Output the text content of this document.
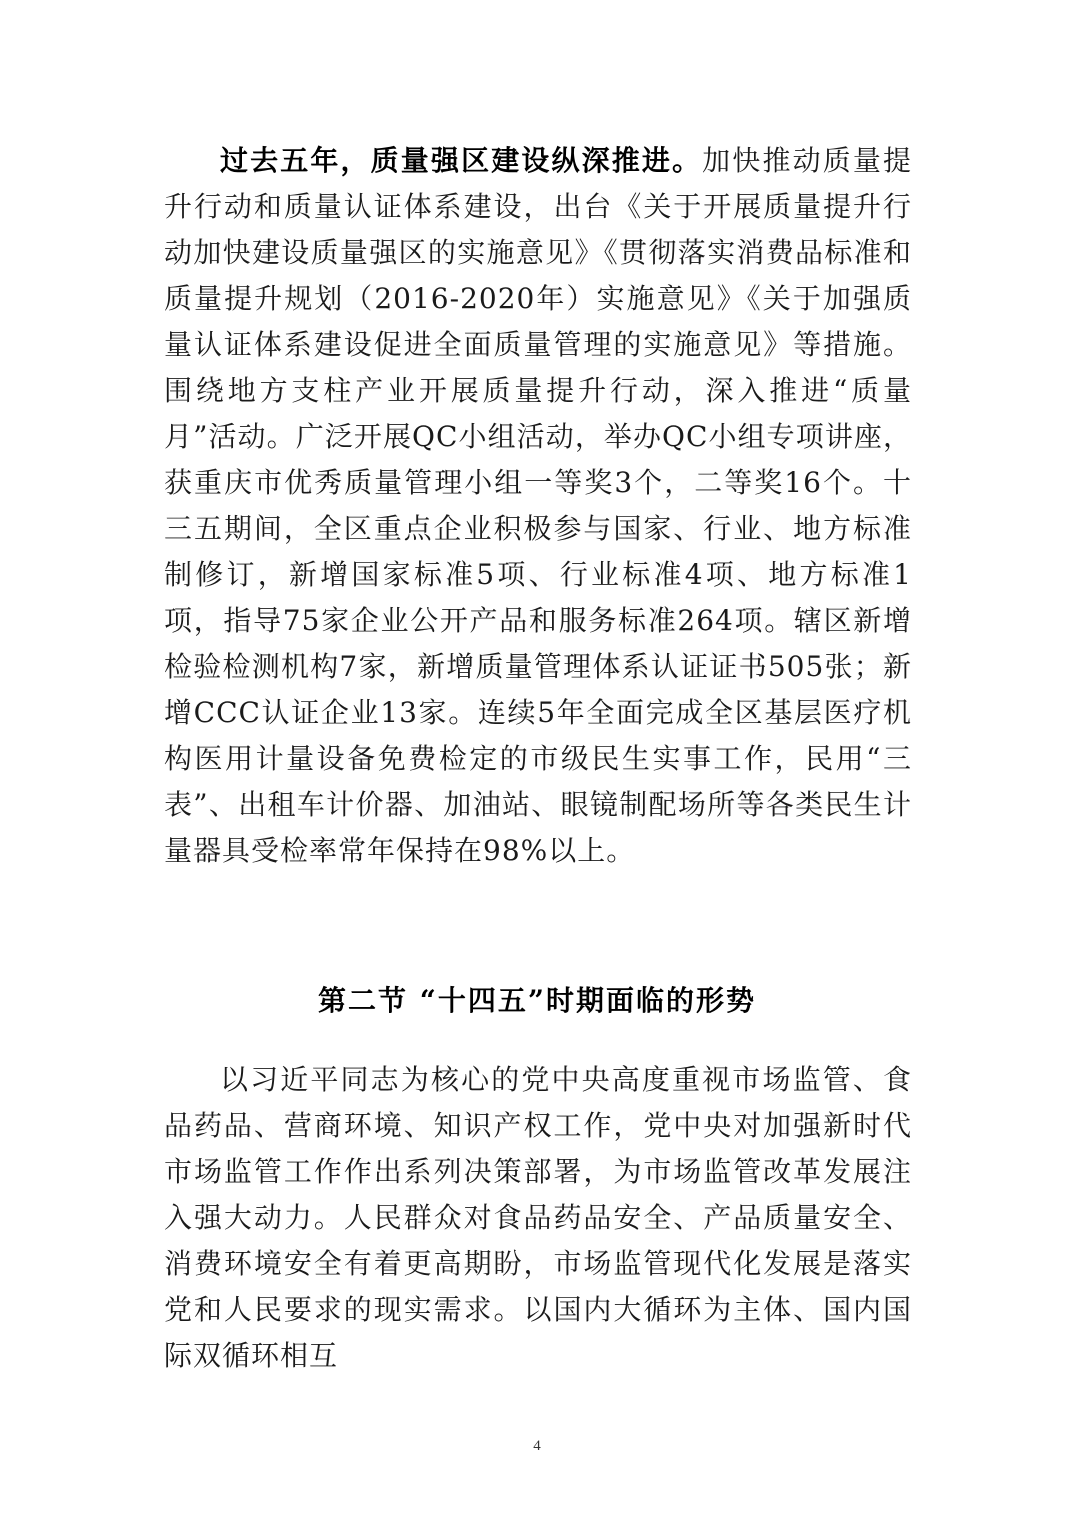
过去五年，质量强区建设纵深推进。加快推动质量提升行动和质量认证体系建设，出台《关于开展质量提升行动加快建设质量强区的实施意见》《贯彻落实消费品标准和质量提升规划（2016-2020年）实施意见》《关于加强质量认证体系建设促进全面质量管理的实施意见》等措施。围绕地方支柱产业开展质量提升行动，深入推进“质量月”活动。广泛开展QC小组活动，举办QC小组专项讲座，获重庆市优秀质量管理小组一等奖3个，二等奖16个。十三五期间，全区重点企业积极参与国家、行业、地方标准制修订，新增国家标准5项、行业标准4项、地方标准1项，指导75家企业公开产品和服务标准264项。辖区新增检验检测机构7家，新增质量管理体系认证证书505张；新增CCC认证企业13家。连续5年全面完成全区基层医疗机构医用计量设备免费检定的市级民生实事工作，民用“三表”、出租车计价器、加油站、眼镜制配场所等各类民生计量器具受检率常年保持在98%以上。

第二节 “十四五”时期面临的形势

以习近平同志为核心的党中央高度重视市场监管、食品药品、营商环境、知识产权工作，党中央对加强新时代市场监管工作作出系列决策部署，为市场监管改革发展注入强大动力。人民群众对食品药品安全、产品质量安全、消费环境安全有着更高期盼，市场监管现代化发展是落实党和人民要求的现实需求。以国内大循环为主体、国内国际双循环相互

4
